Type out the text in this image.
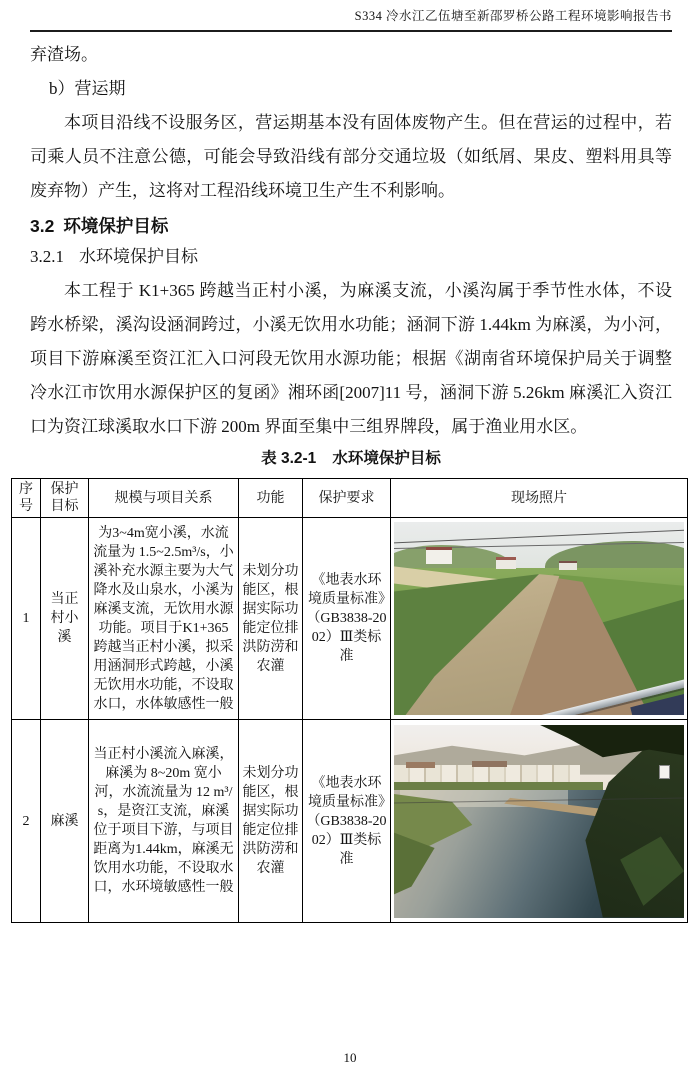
S334 冷水江乙伍塘至新邵罗桥公路工程环境影响报告书

弃渣场。

b）营运期

本项目沿线不设服务区，营运期基本没有固体废物产生。但在营运的过程中，若司乘人员不注意公德，可能会导致沿线有部分交通垃圾（如纸屑、果皮、塑料用具等废弃物）产生，这将对工程沿线环境卫生产生不利影响。

3.2 环境保护目标
3.2.1 水环境保护目标

本工程于 K1+365 跨越当正村小溪，为麻溪支流，小溪沟属于季节性水体，不设跨水桥梁，溪沟设涵洞跨过，小溪无饮用水功能；涵洞下游 1.44km 为麻溪，为小河，项目下游麻溪至资江汇入口河段无饮用水源功能；根据《湖南省环境保护局关于调整冷水江市饮用水源保护区的复函》湘环函[2007]11 号，涵洞下游 5.26km 麻溪汇入资江口为资江球溪取水口下游 200m 界面至集中三组界牌段，属于渔业用水区。

表 3.2-1 水环境保护目标
序号	保护目标	规模与项目关系	功能	保护要求	现场照片
1	当正村小溪	为3~4m宽小溪，水流流量为 1.5~2.5m³/s，小溪补充水源主要为大气降水及山泉水，小溪为麻溪支流，无饮用水源功能。项目于K1+365跨越当正村小溪，拟采用涵洞形式跨越，小溪无饮用水功能，不设取水口，水体敏感性一般	未划分功能区，根据实际功能定位排洪防涝和农灌	《地表水环境质量标准》（GB3838-2002）Ⅲ类标准	

2	麻溪	当正村小溪流入麻溪，麻溪为 8~20m 宽小河，水流流量为 12 m³/s，是资江支流，麻溪位于项目下游，与项目距离为1.44km，麻溪无饮用水功能，不设取水口，水环境敏感性一般	未划分功能区，根据实际功能定位排洪防涝和农灌	《地表水环境质量标准》（GB3838-2002）Ⅲ类标准	
10
